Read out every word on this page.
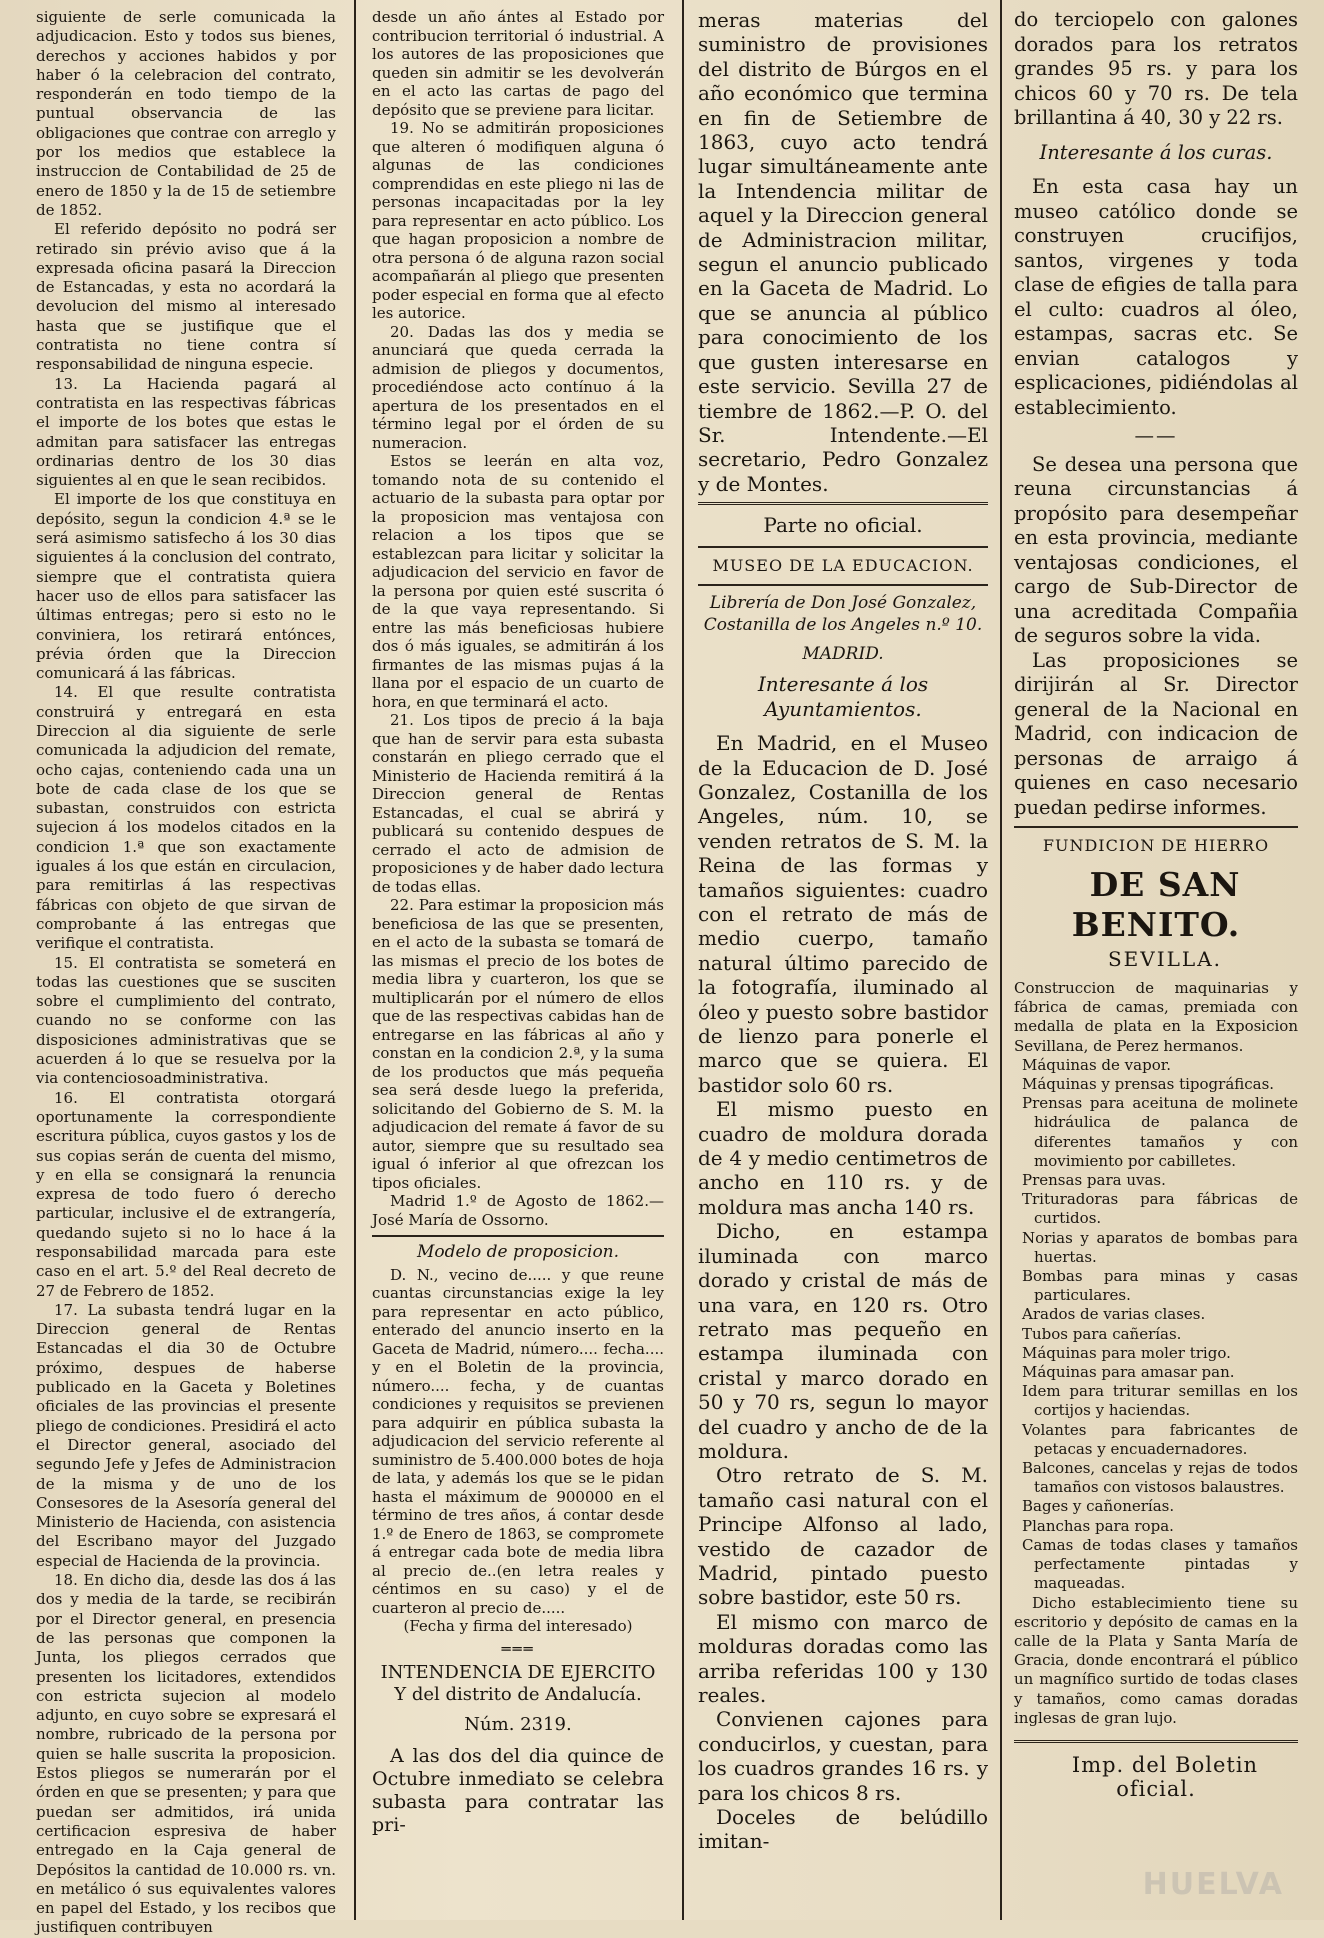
siguiente de serle comunicada la adjudicacion. Esto y todos sus bienes, derechos y acciones habidos y por haber ó la celebracion del contrato, responderán en todo tiempo de la puntual observancia de las obligaciones que contrae con arreglo y por los medios que establece la instruccion de Contabilidad de 25 de enero de 1850 y la de 15 de setiembre de 1852.

El referido depósito no podrá ser retirado sin prévio aviso que á la expresada oficina pasará la Direccion de Estancadas, y esta no acordará la devolucion del mismo al interesado hasta que se justifique que el contratista no tiene contra sí responsabilidad de ninguna especie.

13. La Hacienda pagará al contratista en las respectivas fábricas el importe de los botes que estas le admitan para satisfacer las entregas ordinarias dentro de los 30 dias siguientes al en que le sean recibidos.

El importe de los que constituya en depósito, segun la condicion 4.ª se le será asimismo satisfecho á los 30 dias siguientes á la conclusion del contrato, siempre que el contratista quiera hacer uso de ellos para satisfacer las últimas entregas; pero si esto no le conviniera, los retirará entónces, prévia órden que la Direccion comunicará á las fábricas.

14. El que resulte contratista construirá y entregará en esta Direccion al dia siguiente de serle comunicada la adjudicion del remate, ocho cajas, conteniendo cada una un bote de cada clase de los que se subastan, construidos con estricta sujecion á los modelos citados en la condicion 1.ª que son exactamente iguales á los que están en circulacion, para remitirlas á las respectivas fábricas con objeto de que sirvan de comprobante á las entregas que verifique el contratista.

15. El contratista se someterá en todas las cuestiones que se susciten sobre el cumplimiento del contrato, cuando no se conforme con las disposiciones administrativas que se acuerden á lo que se resuelva por la via contenciosoadministrativa.

16. El contratista otorgará oportunamente la correspondiente escritura pública, cuyos gastos y los de sus copias serán de cuenta del mismo, y en ella se consignará la renuncia expresa de todo fuero ó derecho particular, inclusive el de extrangería, quedando sujeto si no lo hace á la responsabilidad marcada para este caso en el art. 5.º del Real decreto de 27 de Febrero de 1852.

17. La subasta tendrá lugar en la Direccion general de Rentas Estancadas el dia 30 de Octubre próximo, despues de haberse publicado en la Gaceta y Boletines oficiales de las provincias el presente pliego de condiciones. Presidirá el acto el Director general, asociado del segundo Jefe y Jefes de Administracion de la misma y de uno de los Consesores de la Asesoría general del Ministerio de Hacienda, con asistencia del Escribano mayor del Juzgado especial de Hacienda de la provincia.

18. En dicho dia, desde las dos á las dos y media de la tarde, se recibirán por el Director general, en presencia de las personas que componen la Junta, los pliegos cerrados que presenten los licitadores, extendidos con estricta sujecion al modelo adjunto, en cuyo sobre se expresará el nombre, rubricado de la persona por quien se halle suscrita la proposicion. Estos pliegos se numerarán por el órden en que se presenten; y para que puedan ser admitidos, irá unida certificacion espresiva de haber entregado en la Caja general de Depósitos la cantidad de 10.000 rs. vn. en metálico ó sus equivalentes valores en papel del Estado, y los recibos que justifiquen contribuyen

desde un año ántes al Estado por contribucion territorial ó industrial. A los autores de las proposiciones que queden sin admitir se les devolverán en el acto las cartas de pago del depósito que se previene para licitar.

19. No se admitirán proposiciones que alteren ó modifiquen alguna ó algunas de las condiciones comprendidas en este pliego ni las de personas incapacitadas por la ley para representar en acto público. Los que hagan proposicion a nombre de otra persona ó de alguna razon social acompañarán al pliego que presenten poder especial en forma que al efecto les autorice.

20. Dadas las dos y media se anunciará que queda cerrada la admision de pliegos y documentos, procediéndose acto contínuo á la apertura de los presentados en el término legal por el órden de su numeracion.

Estos se leerán en alta voz, tomando nota de su contenido el actuario de la subasta para optar por la proposicion mas ventajosa con relacion a los tipos que se establezcan para licitar y solicitar la adjudicacion del servicio en favor de la persona por quien esté suscrita ó de la que vaya representando. Si entre las más beneficiosas hubiere dos ó más iguales, se admitirán á los firmantes de las mismas pujas á la llana por el espacio de un cuarto de hora, en que terminará el acto.

21. Los tipos de precio á la baja que han de servir para esta subasta constarán en pliego cerrado que el Ministerio de Hacienda remitirá á la Direccion general de Rentas Estancadas, el cual se abrirá y publicará su contenido despues de cerrado el acto de admision de proposiciones y de haber dado lectura de todas ellas.

22. Para estimar la proposicion más beneficiosa de las que se presenten, en el acto de la subasta se tomará de las mismas el precio de los botes de media libra y cuarteron, los que se multiplicarán por el número de ellos que de las respectivas cabidas han de entregarse en las fábricas al año y constan en la condicion 2.ª, y la suma de los productos que más pequeña sea será desde luego la preferida, solicitando del Gobierno de S. M. la adjudicacion del remate á favor de su autor, siempre que su resultado sea igual ó inferior al que ofrezcan los tipos oficiales.

Madrid 1.º de Agosto de 1862.—José María de Ossorno.

Modelo de proposicion.

D. N., vecino de..... y que reune cuantas circunstancias exige la ley para representar en acto público, enterado del anuncio inserto en la Gaceta de Madrid, número.... fecha.... y en el Boletin de la provincia, número.... fecha, y de cuantas condiciones y requisitos se previenen para adquirir en pública subasta la adjudicacion del servicio referente al suministro de 5.400.000 botes de hoja de lata, y además los que se le pidan hasta el máximum de 900000 en el término de tres años, á contar desde 1.º de Enero de 1863, se compromete á entregar cada bote de media libra al precio de..(en letra reales y céntimos en su caso) y el de cuarteron al precio de.....

(Fecha y firma del interesado)

═══

INTENDENCIA DE EJERCITO Y del distrito de Andalucía.

Núm. 2319.

A las dos del dia quince de Octubre inmediato se celebra subasta para contratar las pri-

meras materias del suministro de provisiones del distrito de Búrgos en el año económico que termina en fin de Setiembre de 1863, cuyo acto tendrá lugar simultáneamente ante la Intendencia militar de aquel y la Direccion general de Administracion militar, segun el anuncio publicado en la Gaceta de Madrid. Lo que se anuncia al público para conocimiento de los que gusten interesarse en este servicio. Sevilla 27 de tiembre de 1862.—P. O. del Sr. Intendente.—El secretario, Pedro Gonzalez y de Montes.

Parte no oficial.

MUSEO DE LA EDUCACION.

Librería de Don José Gonzalez, Costanilla de los Angeles n.º 10.

MADRID.

Interesante á los Ayuntamientos.

En Madrid, en el Museo de la Educacion de D. José Gonzalez, Costanilla de los Angeles, núm. 10, se venden retratos de S. M. la Reina de las formas y tamaños siguientes: cuadro con el retrato de más de medio cuerpo, tamaño natural último parecido de la fotografía, iluminado al óleo y puesto sobre bastidor de lienzo para ponerle el marco que se quiera. El bastidor solo 60 rs.

El mismo puesto en cuadro de moldura dorada de 4 y medio centimetros de ancho en 110 rs. y de moldura mas ancha 140 rs.

Dicho, en estampa iluminada con marco dorado y cristal de más de una vara, en 120 rs. Otro retrato mas pequeño en estampa iluminada con cristal y marco dorado en 50 y 70 rs, segun lo mayor del cuadro y ancho de de la moldura.

Otro retrato de S. M. tamaño casi natural con el Principe Alfonso al lado, vestido de cazador de Madrid, pintado puesto sobre bastidor, este 50 rs.

El mismo con marco de molduras doradas como las arriba referidas 100 y 130 reales.

Convienen cajones para conducirlos, y cuestan, para los cuadros grandes 16 rs. y para los chicos 8 rs.

Doceles de belúdillo imitan-

do terciopelo con galones dorados para los retratos grandes 95 rs. y para los chicos 60 y 70 rs. De tela brillantina á 40, 30 y 22 rs.

Interesante á los curas.

En esta casa hay un museo católico donde se construyen crucifijos, santos, virgenes y toda clase de efigies de talla para el culto: cuadros al óleo, estampas, sacras etc. Se envian catalogos y esplicaciones, pidiéndolas al establecimiento.

——

Se desea una persona que reuna circunstancias á propósito para desempeñar en esta provincia, mediante ventajosas condiciones, el cargo de Sub-Director de una acreditada Compañia de seguros sobre la vida.

Las proposiciones se dirijirán al Sr. Director general de la Nacional en Madrid, con indicacion de personas de arraigo á quienes en caso necesario puedan pedirse informes.

FUNDICION DE HIERRO

DE SAN BENITO.

SEVILLA.

Construccion de maquinarias y fábrica de camas, premiada con medalla de plata en la Exposicion Sevillana, de Perez hermanos.

Máquinas de vapor.

Máquinas y prensas tipográficas.

Prensas para aceituna de molinete hidráulica de palanca de diferentes tamaños y con movimiento por cabilletes.

Prensas para uvas.

Trituradoras para fábricas de curtidos.

Norias y aparatos de bombas para huertas.

Bombas para minas y casas particulares.

Arados de varias clases.

Tubos para cañerías.

Máquinas para moler trigo.

Máquinas para amasar pan.

Idem para triturar semillas en los cortijos y haciendas.

Volantes para fabricantes de petacas y encuadernadores.

Balcones, cancelas y rejas de todos tamaños con vistosos balaustres.

Bages y cañonerías.

Planchas para ropa.

Camas de todas clases y tamaños perfectamente pintadas y maqueadas.

Dicho establecimiento tiene su escritorio y depósito de camas en la calle de la Plata y Santa María de Gracia, donde encontrará el público un magnífico surtido de todas clases y tamaños, como camas doradas inglesas de gran lujo.

Imp. del Boletin oficial.

HUELVA
